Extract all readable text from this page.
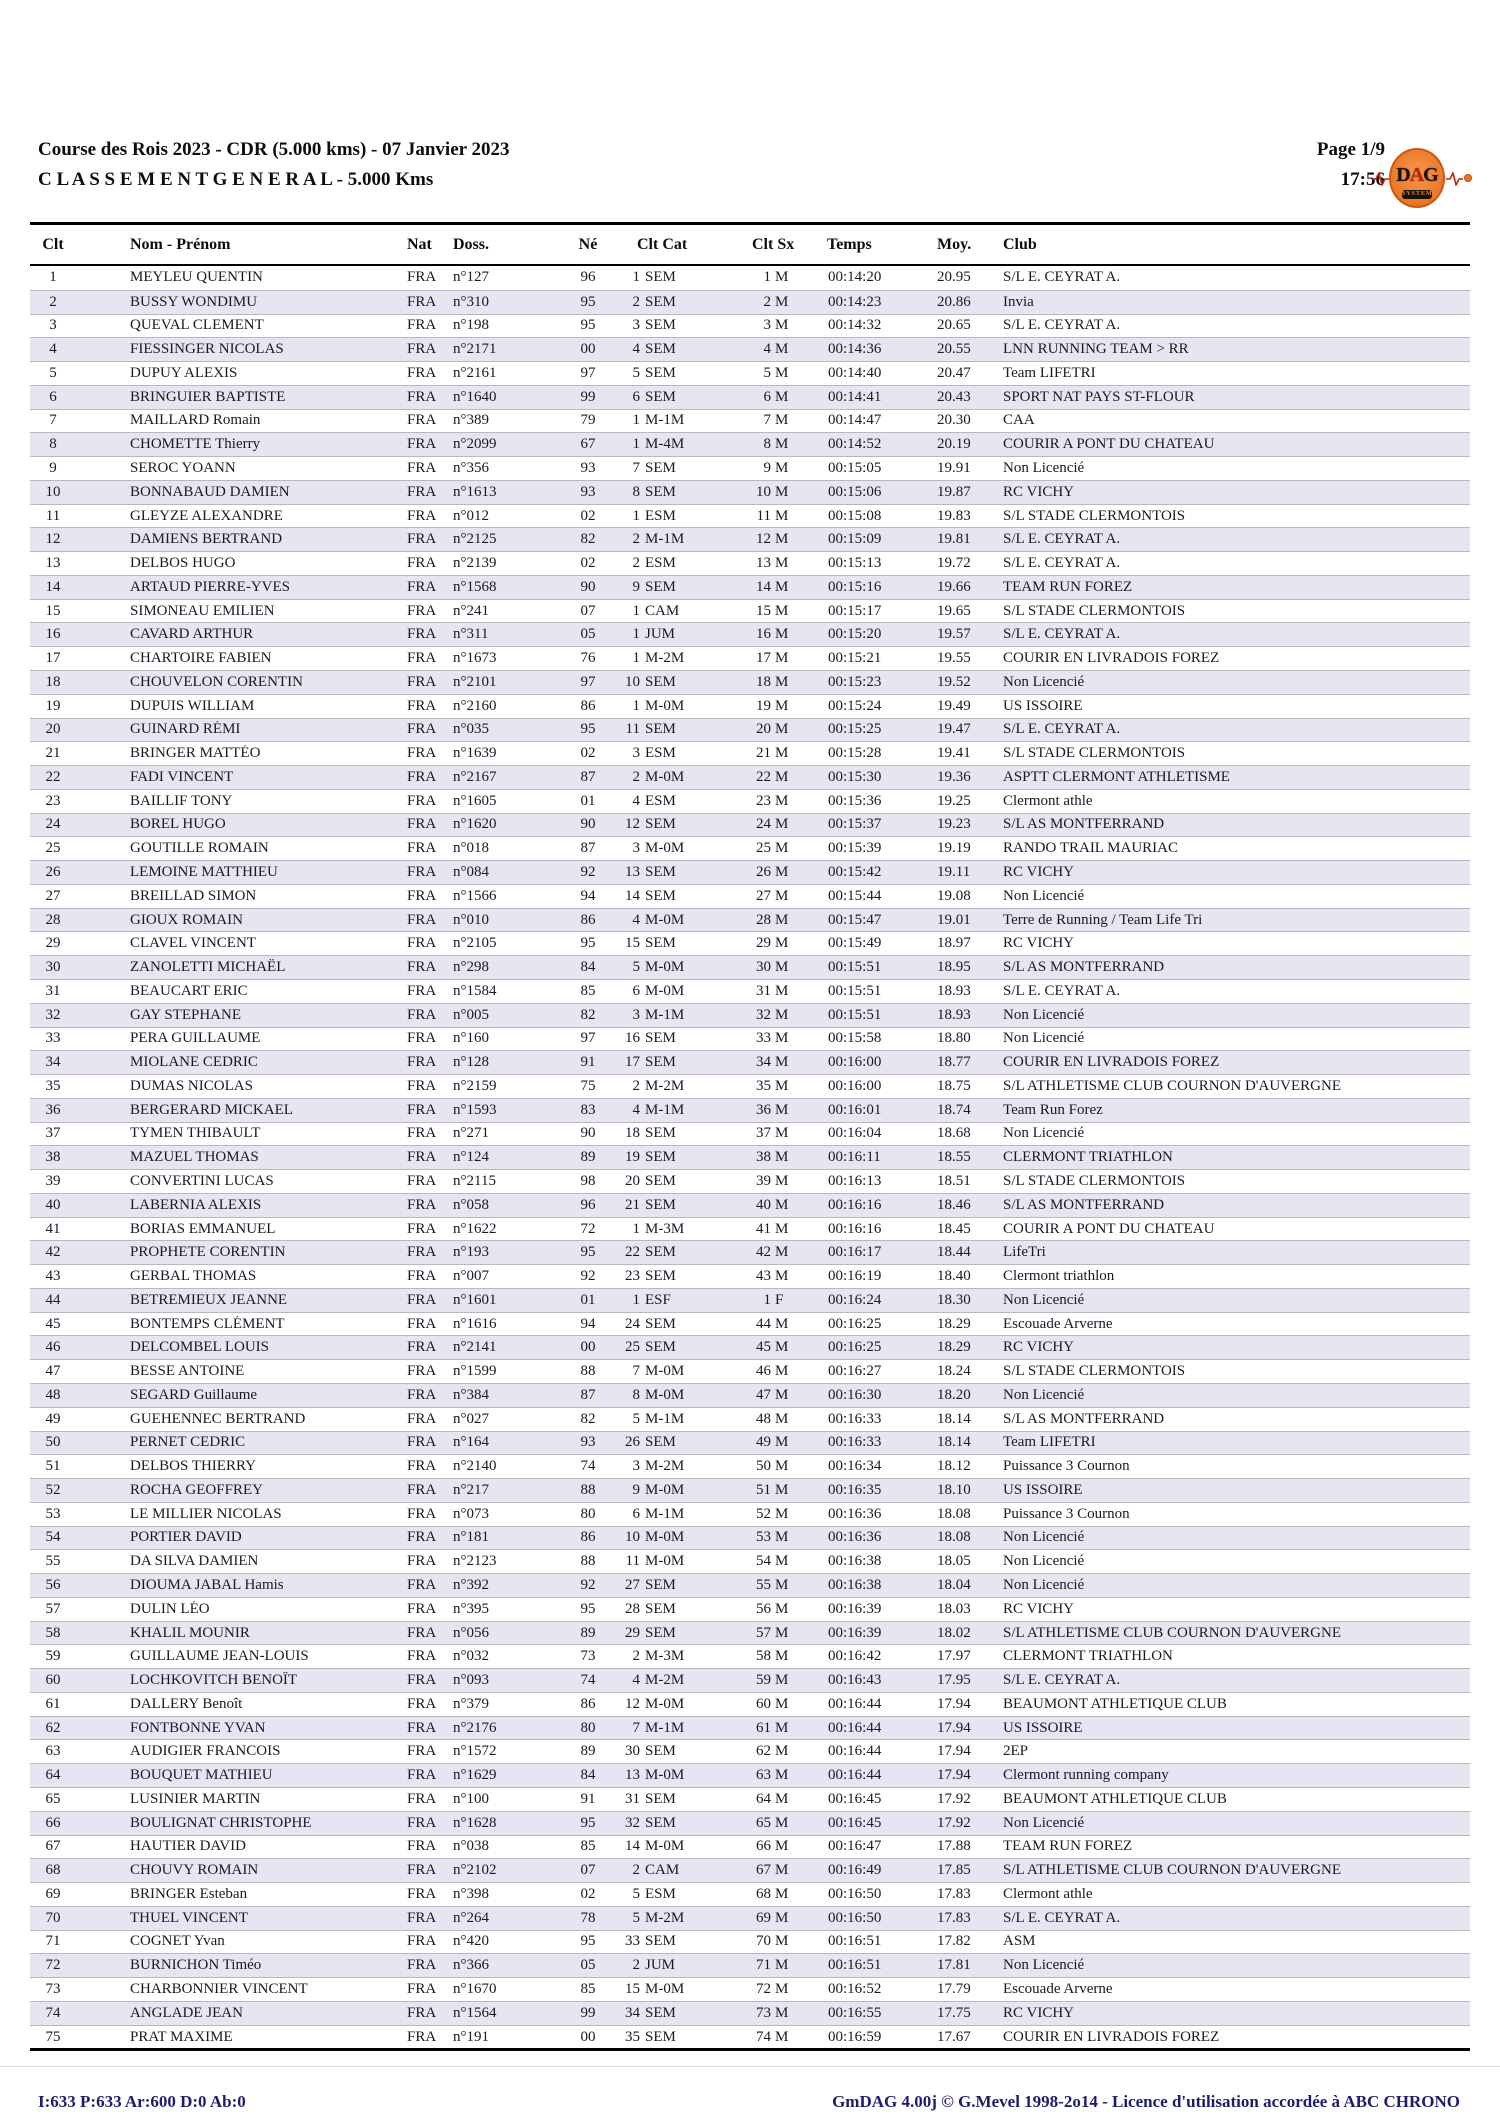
Course des Rois 2023 - CDR (5.000 kms) - 07 Janvier 2023
C L A S S E M E N T G E N E R A L - 5.000 Kms
Page 1/9
17:56 DAG
SYSTEM
Clt	Nom - Prénom	Nat	Doss.	Né	Clt Cat	Clt Sx	Temps	Moy.	Club
1	MEYLEU QUENTIN	FRA	n°127	96	1 SEM	1 M	00:14:20	20.95	S/L E. CEYRAT A.
2	BUSSY WONDIMU	FRA	n°310	95	2 SEM	2 M	00:14:23	20.86	Invia
3	QUEVAL CLEMENT	FRA	n°198	95	3 SEM	3 M	00:14:32	20.65	S/L E. CEYRAT A.
4	FIESSINGER NICOLAS	FRA	n°2171	00	4 SEM	4 M	00:14:36	20.55	LNN RUNNING TEAM > RR
5	DUPUY ALEXIS	FRA	n°2161	97	5 SEM	5 M	00:14:40	20.47	Team LIFETRI
6	BRINGUIER BAPTISTE	FRA	n°1640	99	6 SEM	6 M	00:14:41	20.43	SPORT NAT PAYS ST-FLOUR
7	MAILLARD Romain	FRA	n°389	79	1 M-1M	7 M	00:14:47	20.30	CAA
8	CHOMETTE Thierry	FRA	n°2099	67	1 M-4M	8 M	00:14:52	20.19	COURIR A PONT DU CHATEAU
9	SEROC YOANN	FRA	n°356	93	7 SEM	9 M	00:15:05	19.91	Non Licencié
10	BONNABAUD DAMIEN	FRA	n°1613	93	8 SEM	10 M	00:15:06	19.87	RC VICHY
11	GLEYZE ALEXANDRE	FRA	n°012	02	1 ESM	11 M	00:15:08	19.83	S/L STADE CLERMONTOIS
12	DAMIENS BERTRAND	FRA	n°2125	82	2 M-1M	12 M	00:15:09	19.81	S/L E. CEYRAT A.
13	DELBOS HUGO	FRA	n°2139	02	2 ESM	13 M	00:15:13	19.72	S/L E. CEYRAT A.
14	ARTAUD PIERRE-YVES	FRA	n°1568	90	9 SEM	14 M	00:15:16	19.66	TEAM RUN FOREZ
15	SIMONEAU EMILIEN	FRA	n°241	07	1 CAM	15 M	00:15:17	19.65	S/L STADE CLERMONTOIS
16	CAVARD ARTHUR	FRA	n°311	05	1 JUM	16 M	00:15:20	19.57	S/L E. CEYRAT A.
17	CHARTOIRE FABIEN	FRA	n°1673	76	1 M-2M	17 M	00:15:21	19.55	COURIR EN LIVRADOIS FOREZ
18	CHOUVELON CORENTIN	FRA	n°2101	97	10 SEM	18 M	00:15:23	19.52	Non Licencié
19	DUPUIS WILLIAM	FRA	n°2160	86	1 M-0M	19 M	00:15:24	19.49	US ISSOIRE
20	GUINARD RÉMI	FRA	n°035	95	11 SEM	20 M	00:15:25	19.47	S/L E. CEYRAT A.
21	BRINGER MATTÉO	FRA	n°1639	02	3 ESM	21 M	00:15:28	19.41	S/L STADE CLERMONTOIS
22	FADI VINCENT	FRA	n°2167	87	2 M-0M	22 M	00:15:30	19.36	ASPTT CLERMONT ATHLETISME
23	BAILLIF TONY	FRA	n°1605	01	4 ESM	23 M	00:15:36	19.25	Clermont athle
24	BOREL HUGO	FRA	n°1620	90	12 SEM	24 M	00:15:37	19.23	S/L AS MONTFERRAND
25	GOUTILLE ROMAIN	FRA	n°018	87	3 M-0M	25 M	00:15:39	19.19	RANDO TRAIL MAURIAC
26	LEMOINE MATTHIEU	FRA	n°084	92	13 SEM	26 M	00:15:42	19.11	RC VICHY
27	BREILLAD SIMON	FRA	n°1566	94	14 SEM	27 M	00:15:44	19.08	Non Licencié
28	GIOUX ROMAIN	FRA	n°010	86	4 M-0M	28 M	00:15:47	19.01	Terre de Running / Team Life Tri
29	CLAVEL VINCENT	FRA	n°2105	95	15 SEM	29 M	00:15:49	18.97	RC VICHY
30	ZANOLETTI MICHAËL	FRA	n°298	84	5 M-0M	30 M	00:15:51	18.95	S/L AS MONTFERRAND
31	BEAUCART ERIC	FRA	n°1584	85	6 M-0M	31 M	00:15:51	18.93	S/L E. CEYRAT A.
32	GAY STEPHANE	FRA	n°005	82	3 M-1M	32 M	00:15:51	18.93	Non Licencié
33	PERA GUILLAUME	FRA	n°160	97	16 SEM	33 M	00:15:58	18.80	Non Licencié
34	MIOLANE CEDRIC	FRA	n°128	91	17 SEM	34 M	00:16:00	18.77	COURIR EN LIVRADOIS FOREZ
35	DUMAS NICOLAS	FRA	n°2159	75	2 M-2M	35 M	00:16:00	18.75	S/L ATHLETISME CLUB COURNON D'AUVERGNE
36	BERGERARD MICKAEL	FRA	n°1593	83	4 M-1M	36 M	00:16:01	18.74	Team Run Forez
37	TYMEN THIBAULT	FRA	n°271	90	18 SEM	37 M	00:16:04	18.68	Non Licencié
38	MAZUEL THOMAS	FRA	n°124	89	19 SEM	38 M	00:16:11	18.55	CLERMONT TRIATHLON
39	CONVERTINI LUCAS	FRA	n°2115	98	20 SEM	39 M	00:16:13	18.51	S/L STADE CLERMONTOIS
40	LABERNIA ALEXIS	FRA	n°058	96	21 SEM	40 M	00:16:16	18.46	S/L AS MONTFERRAND
41	BORIAS EMMANUEL	FRA	n°1622	72	1 M-3M	41 M	00:16:16	18.45	COURIR A PONT DU CHATEAU
42	PROPHETE CORENTIN	FRA	n°193	95	22 SEM	42 M	00:16:17	18.44	LifeTri
43	GERBAL THOMAS	FRA	n°007	92	23 SEM	43 M	00:16:19	18.40	Clermont triathlon
44	BETREMIEUX JEANNE	FRA	n°1601	01	1 ESF	1 F	00:16:24	18.30	Non Licencié
45	BONTEMPS CLÉMENT	FRA	n°1616	94	24 SEM	44 M	00:16:25	18.29	Escouade Arverne
46	DELCOMBEL LOUIS	FRA	n°2141	00	25 SEM	45 M	00:16:25	18.29	RC VICHY
47	BESSE ANTOINE	FRA	n°1599	88	7 M-0M	46 M	00:16:27	18.24	S/L STADE CLERMONTOIS
48	SEGARD Guillaume	FRA	n°384	87	8 M-0M	47 M	00:16:30	18.20	Non Licencié
49	GUEHENNEC BERTRAND	FRA	n°027	82	5 M-1M	48 M	00:16:33	18.14	S/L AS MONTFERRAND
50	PERNET CEDRIC	FRA	n°164	93	26 SEM	49 M	00:16:33	18.14	Team LIFETRI
51	DELBOS THIERRY	FRA	n°2140	74	3 M-2M	50 M	00:16:34	18.12	Puissance 3 Cournon
52	ROCHA GEOFFREY	FRA	n°217	88	9 M-0M	51 M	00:16:35	18.10	US ISSOIRE
53	LE MILLIER NICOLAS	FRA	n°073	80	6 M-1M	52 M	00:16:36	18.08	Puissance 3 Cournon
54	PORTIER DAVID	FRA	n°181	86	10 M-0M	53 M	00:16:36	18.08	Non Licencié
55	DA SILVA DAMIEN	FRA	n°2123	88	11 M-0M	54 M	00:16:38	18.05	Non Licencié
56	DIOUMA JABAL Hamis	FRA	n°392	92	27 SEM	55 M	00:16:38	18.04	Non Licencié
57	DULIN LÉO	FRA	n°395	95	28 SEM	56 M	00:16:39	18.03	RC VICHY
58	KHALIL MOUNIR	FRA	n°056	89	29 SEM	57 M	00:16:39	18.02	S/L ATHLETISME CLUB COURNON D'AUVERGNE
59	GUILLAUME JEAN-LOUIS	FRA	n°032	73	2 M-3M	58 M	00:16:42	17.97	CLERMONT TRIATHLON
60	LOCHKOVITCH BENOÎT	FRA	n°093	74	4 M-2M	59 M	00:16:43	17.95	S/L E. CEYRAT A.
61	DALLERY Benoît	FRA	n°379	86	12 M-0M	60 M	00:16:44	17.94	BEAUMONT ATHLETIQUE CLUB
62	FONTBONNE YVAN	FRA	n°2176	80	7 M-1M	61 M	00:16:44	17.94	US ISSOIRE
63	AUDIGIER FRANCOIS	FRA	n°1572	89	30 SEM	62 M	00:16:44	17.94	2EP
64	BOUQUET MATHIEU	FRA	n°1629	84	13 M-0M	63 M	00:16:44	17.94	Clermont running company
65	LUSINIER MARTIN	FRA	n°100	91	31 SEM	64 M	00:16:45	17.92	BEAUMONT ATHLETIQUE CLUB
66	BOULIGNAT CHRISTOPHE	FRA	n°1628	95	32 SEM	65 M	00:16:45	17.92	Non Licencié
67	HAUTIER DAVID	FRA	n°038	85	14 M-0M	66 M	00:16:47	17.88	TEAM RUN FOREZ
68	CHOUVY ROMAIN	FRA	n°2102	07	2 CAM	67 M	00:16:49	17.85	S/L ATHLETISME CLUB COURNON D'AUVERGNE
69	BRINGER Esteban	FRA	n°398	02	5 ESM	68 M	00:16:50	17.83	Clermont athle
70	THUEL VINCENT	FRA	n°264	78	5 M-2M	69 M	00:16:50	17.83	S/L E. CEYRAT A.
71	COGNET Yvan	FRA	n°420	95	33 SEM	70 M	00:16:51	17.82	ASM
72	BURNICHON Timéo	FRA	n°366	05	2 JUM	71 M	00:16:51	17.81	Non Licencié
73	CHARBONNIER VINCENT	FRA	n°1670	85	15 M-0M	72 M	00:16:52	17.79	Escouade Arverne
74	ANGLADE JEAN	FRA	n°1564	99	34 SEM	73 M	00:16:55	17.75	RC VICHY
75	PRAT MAXIME	FRA	n°191	00	35 SEM	74 M	00:16:59	17.67	COURIR EN LIVRADOIS FOREZ
I:633 P:633 Ar:600 D:0 Ab:0	GmDAG 4.00j © G.Mevel 1998-2o14 - Licence d'utilisation accordée à ABC CHRONO
